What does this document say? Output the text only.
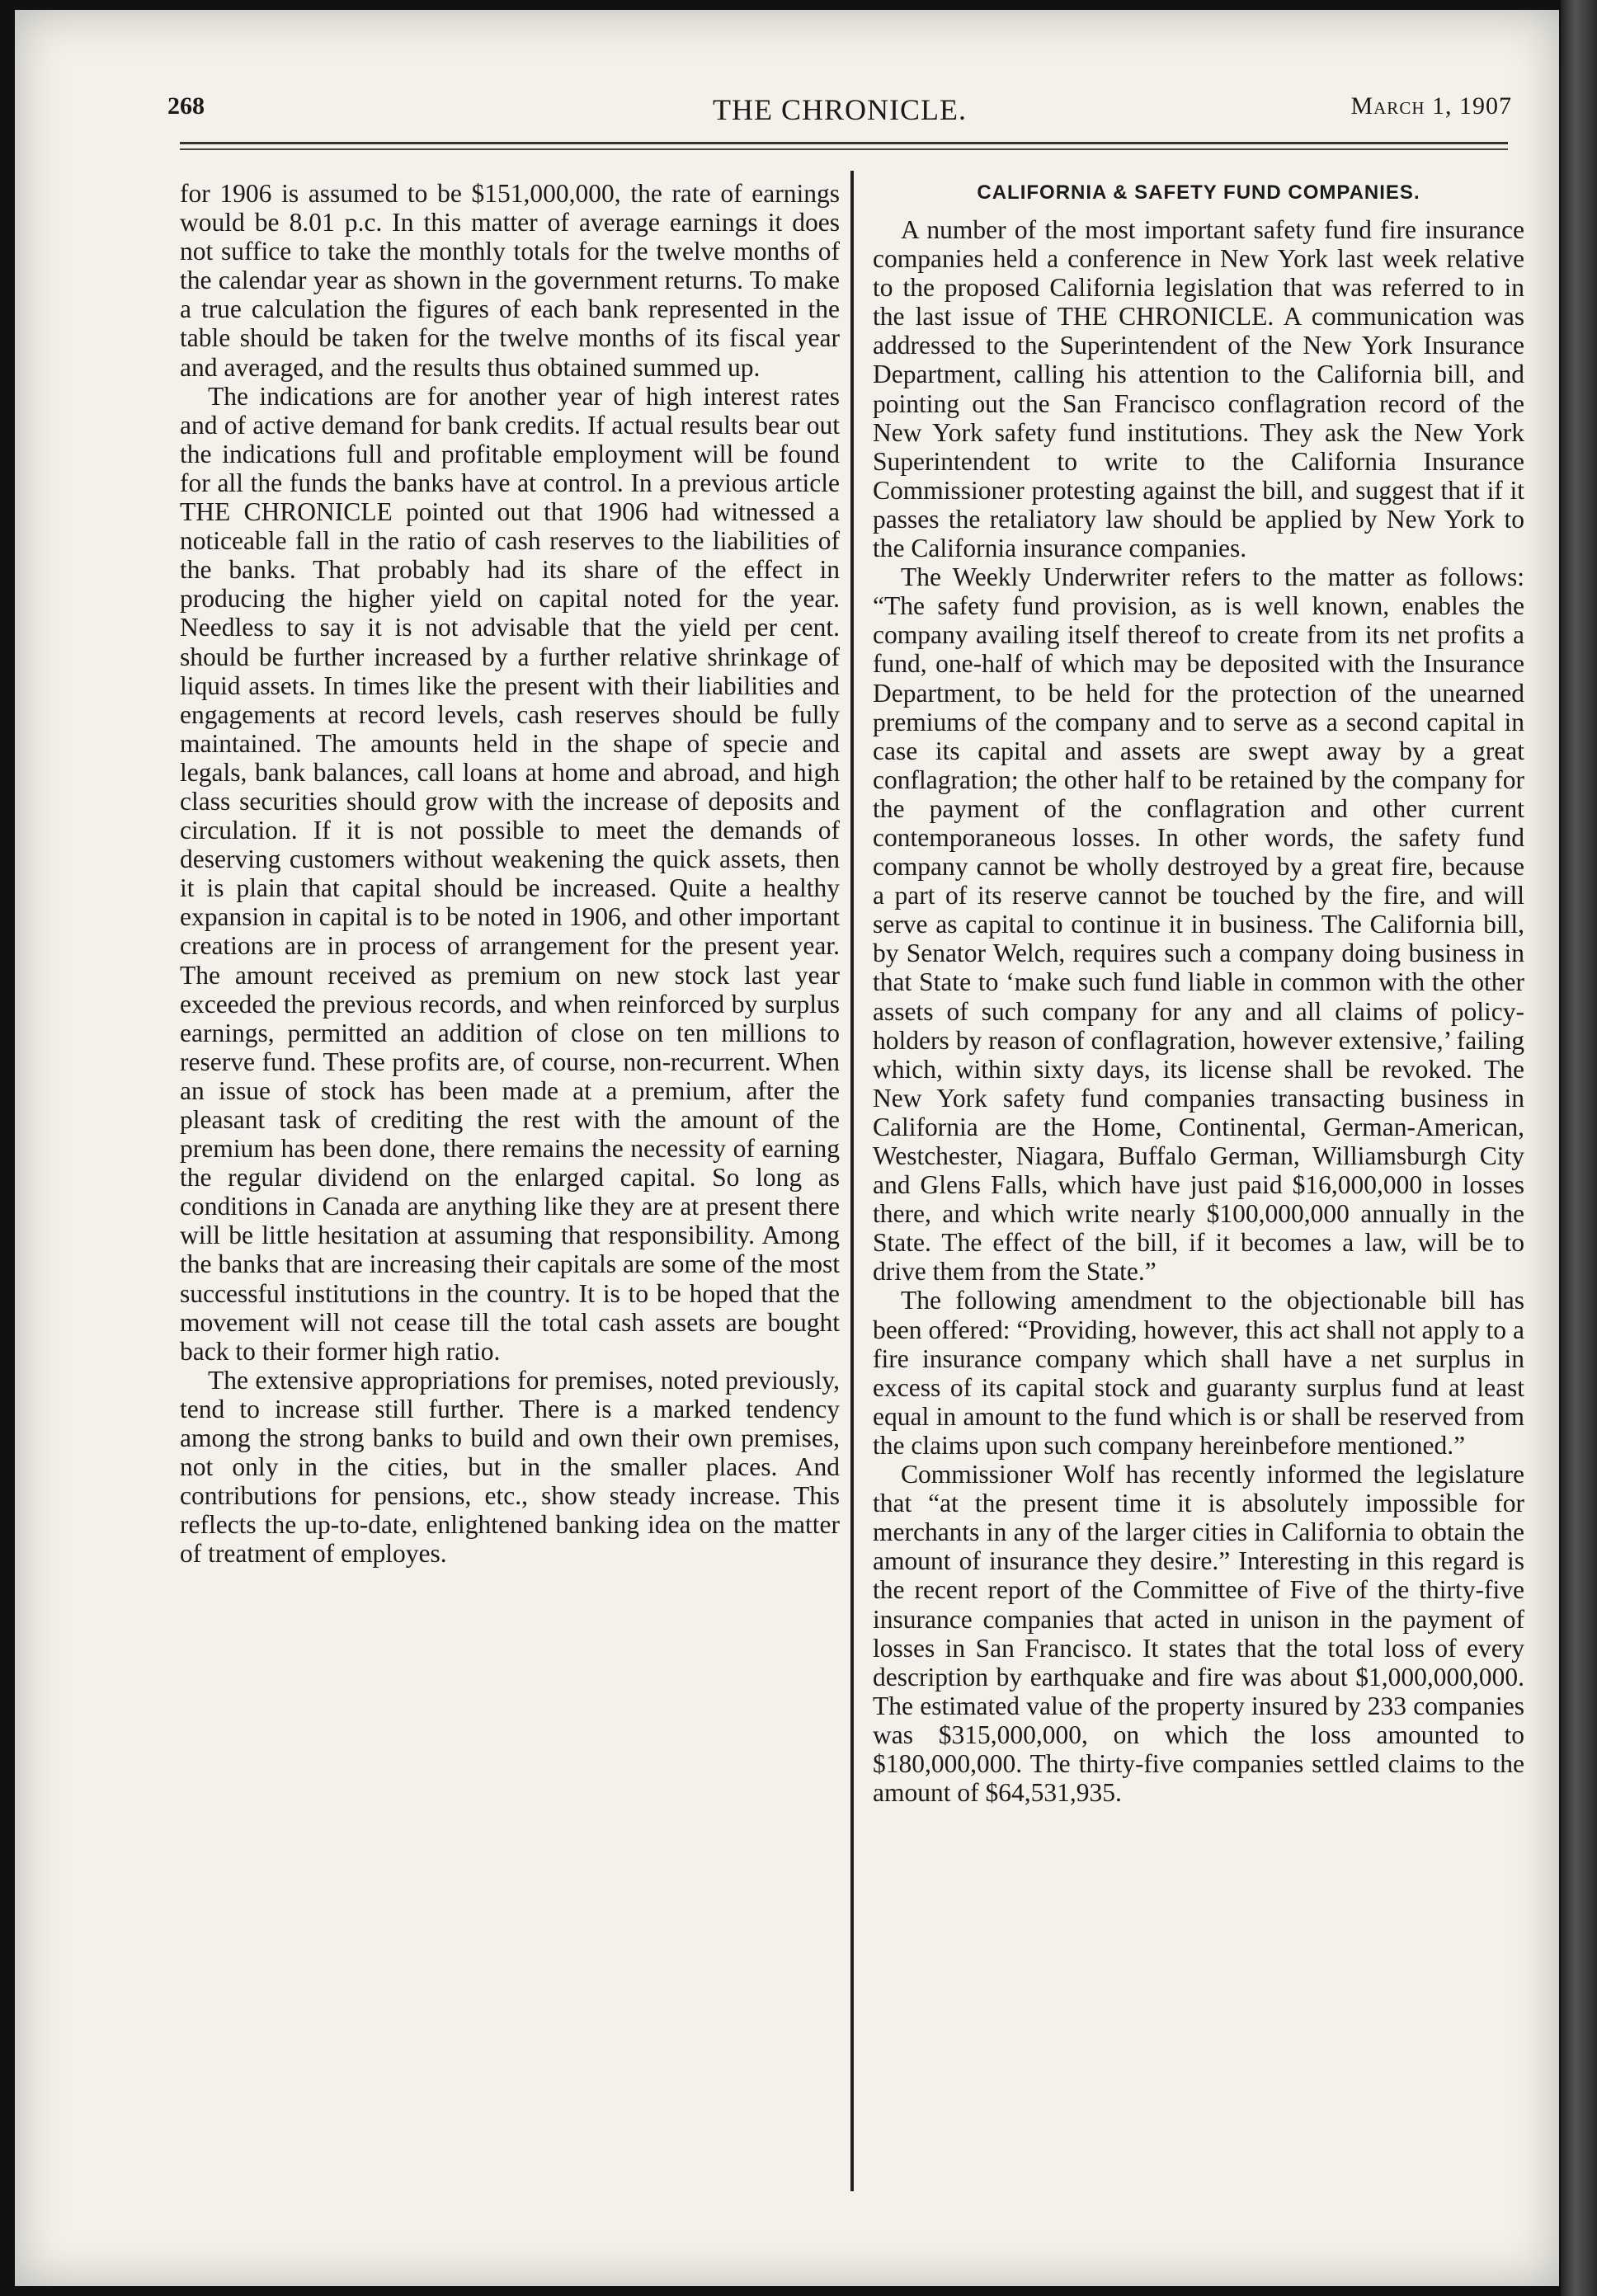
268	THE CHRONICLE.	March 1, 1907

for 1906 is assumed to be $151,000,000, the rate of earnings would be 8.01 p.c. In this matter of average earnings it does not suffice to take the monthly totals for the twelve months of the calendar year as shown in the government returns. To make a true calculation the figures of each bank represented in the table should be taken for the twelve months of its fiscal year and averaged, and the results thus obtained summed up.

The indications are for another year of high interest rates and of active demand for bank credits. If actual results bear out the indications full and profitable employment will be found for all the funds the banks have at control. In a previous article THE CHRONICLE pointed out that 1906 had witnessed a noticeable fall in the ratio of cash reserves to the liabilities of the banks. That probably had its share of the effect in producing the higher yield on capital noted for the year. Needless to say it is not advisable that the yield per cent. should be further increased by a further relative shrinkage of liquid assets. In times like the present with their liabilities and engagements at record levels, cash reserves should be fully maintained. The amounts held in the shape of specie and legals, bank balances, call loans at home and abroad, and high class securities should grow with the increase of deposits and circulation. If it is not possible to meet the demands of deserving customers without weakening the quick assets, then it is plain that capital should be increased. Quite a healthy expansion in capital is to be noted in 1906, and other important creations are in process of arrangement for the present year. The amount received as premium on new stock last year exceeded the previous records, and when reinforced by surplus earnings, permitted an addition of close on ten millions to reserve fund. These profits are, of course, non-recurrent. When an issue of stock has been made at a premium, after the pleasant task of crediting the rest with the amount of the premium has been done, there remains the necessity of earning the regular dividend on the enlarged capital. So long as conditions in Canada are anything like they are at present there will be little hesitation at assuming that responsibility. Among the banks that are increasing their capitals are some of the most successful institutions in the country. It is to be hoped that the movement will not cease till the total cash assets are bought back to their former high ratio.

The extensive appropriations for premises, noted previously, tend to increase still further. There is a marked tendency among the strong banks to build and own their own premises, not only in the cities, but in the smaller places. And contributions for pensions, etc., show steady increase. This reflects the up-to-date, enlightened banking idea on the matter of treatment of employes.

CALIFORNIA & SAFETY FUND COMPANIES.

A number of the most important safety fund fire insurance companies held a conference in New York last week relative to the proposed California legislation that was referred to in the last issue of THE CHRONICLE. A communication was addressed to the Superintendent of the New York Insurance Department, calling his attention to the California bill, and pointing out the San Francisco conflagration record of the New York safety fund institutions. They ask the New York Superintendent to write to the California Insurance Commissioner protesting against the bill, and suggest that if it passes the retaliatory law should be applied by New York to the California insurance companies.

The Weekly Underwriter refers to the matter as follows: “The safety fund provision, as is well known, enables the company availing itself thereof to create from its net profits a fund, one-half of which may be deposited with the Insurance Department, to be held for the protection of the unearned premiums of the company and to serve as a second capital in case its capital and assets are swept away by a great conflagration; the other half to be retained by the company for the payment of the conflagration and other current contemporaneous losses. In other words, the safety fund company cannot be wholly destroyed by a great fire, because a part of its reserve cannot be touched by the fire, and will serve as capital to continue it in business. The California bill, by Senator Welch, requires such a company doing business in that State to ‘make such fund liable in common with the other assets of such company for any and all claims of policy-holders by reason of conflagration, however extensive,’ failing which, within sixty days, its license shall be revoked. The New York safety fund companies transacting business in California are the Home, Continental, German-American, Westchester, Niagara, Buffalo German, Williamsburgh City and Glens Falls, which have just paid $16,000,000 in losses there, and which write nearly $100,000,000 annually in the State. The effect of the bill, if it becomes a law, will be to drive them from the State.”

The following amendment to the objectionable bill has been offered: “Providing, however, this act shall not apply to a fire insurance company which shall have a net surplus in excess of its capital stock and guaranty surplus fund at least equal in amount to the fund which is or shall be reserved from the claims upon such company hereinbefore mentioned.”

Commissioner Wolf has recently informed the legislature that “at the present time it is absolutely impossible for merchants in any of the larger cities in California to obtain the amount of insurance they desire.” Interesting in this regard is the recent report of the Committee of Five of the thirty-five insurance companies that acted in unison in the payment of losses in San Francisco. It states that the total loss of every description by earthquake and fire was about $1,000,000,000. The estimated value of the property insured by 233 companies was $315,000,000, on which the loss amounted to $180,000,000. The thirty-five companies settled claims to the amount of $64,531,935.
